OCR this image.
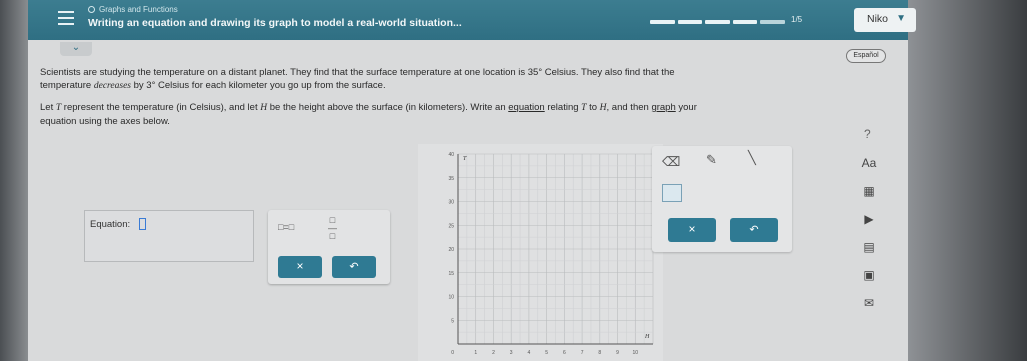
Graphs and Functions
Writing an equation and drawing its graph to model a real-world situation...	1/5	Niko ▼
⌄
Español

Scientists are studying the temperature on a distant planet. They find that the surface temperature at one location is 35° Celsius. They also find that the
temperature decreases by 3° Celsius for each kilometer you go up from the surface.

Let T represent the temperature (in Celsius), and let H be the height above the surface (in kilometers). Write an equation relating T to H, and then graph your
equation using the axes below.

?
Equation:	□=□
□
—
□
×	↶
1	2	3	4	5	6	7	8	9	10
5
10
15
20
25
30
35
40
0
H
T	⌫ ✎ ╲
×	↶
Aa
▦
▶
▤
▣
✉
